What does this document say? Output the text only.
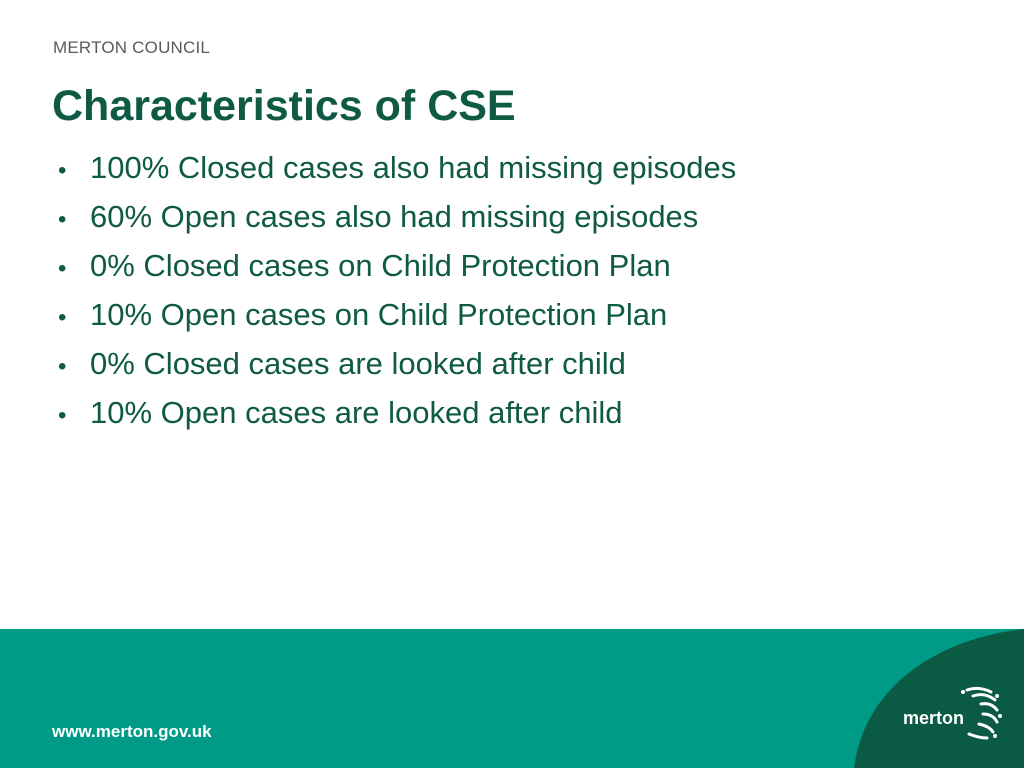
MERTON COUNCIL
Characteristics of CSE
• 100% Closed cases also had missing episodes
• 60% Open cases also had missing episodes
• 0% Closed cases on Child Protection Plan
• 10% Open cases on Child Protection Plan
• 0% Closed cases are looked after child
• 10% Open cases are looked after child
www.merton.gov.uk
merton
